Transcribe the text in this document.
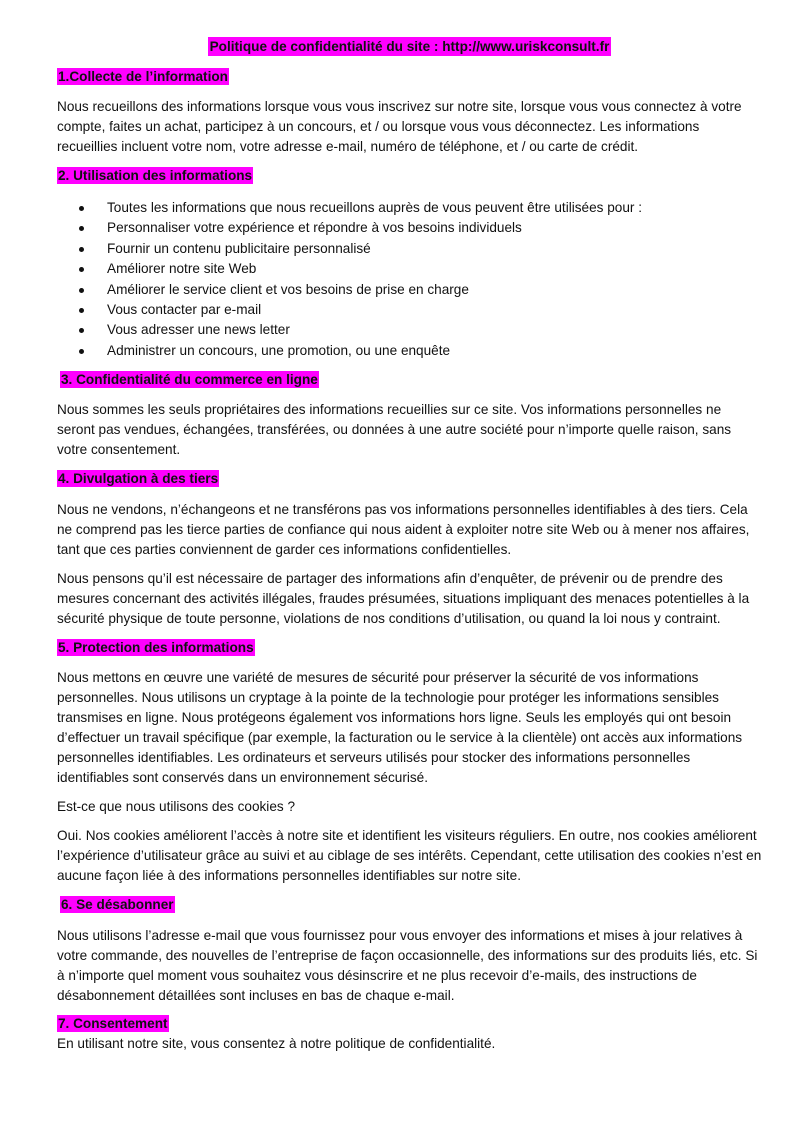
Politique de confidentialité du site : http://www.uriskconsult.fr
1.Collecte de l’information

Nous recueillons des informations lorsque vous vous inscrivez sur notre site, lorsque vous vous connectez à votre compte, faites un achat, participez à un concours, et / ou lorsque vous vous déconnectez. Les informations recueillies incluent votre nom, votre adresse e-mail, numéro de téléphone, et / ou carte de crédit.

2. Utilisation des informations
Toutes les informations que nous recueillons auprès de vous peuvent être utilisées pour :
Personnaliser votre expérience et répondre à vos besoins individuels
Fournir un contenu publicitaire personnalisé
Améliorer notre site Web
Améliorer le service client et vos besoins de prise en charge
Vous contacter par e-mail
Vous adresser une news letter
Administrer un concours, une promotion, ou une enquête
3. Confidentialité du commerce en ligne

Nous sommes les seuls propriétaires des informations recueillies sur ce site. Vos informations personnelles ne seront pas vendues, échangées, transférées, ou données à une autre société pour n’importe quelle raison, sans votre consentement.

4. Divulgation à des tiers

Nous ne vendons, n’échangeons et ne transférons pas vos informations personnelles identifiables à des tiers. Cela ne comprend pas les tierce parties de confiance qui nous aident à exploiter notre site Web ou à mener nos affaires, tant que ces parties conviennent de garder ces informations confidentielles.

Nous pensons qu’il est nécessaire de partager des informations afin d’enquêter, de prévenir ou de prendre des mesures concernant des activités illégales, fraudes présumées, situations impliquant des menaces potentielles à la sécurité physique de toute personne, violations de nos conditions d’utilisation, ou quand la loi nous y contraint.

5. Protection des informations

Nous mettons en œuvre une variété de mesures de sécurité pour préserver la sécurité de vos informations personnelles. Nous utilisons un cryptage à la pointe de la technologie pour protéger les informations sensibles transmises en ligne. Nous protégeons également vos informations hors ligne. Seuls les employés qui ont besoin d’effectuer un travail spécifique (par exemple, la facturation ou le service à la clientèle) ont accès aux informations personnelles identifiables. Les ordinateurs et serveurs utilisés pour stocker des informations personnelles identifiables sont conservés dans un environnement sécurisé.

Est-ce que nous utilisons des cookies ?

Oui. Nos cookies améliorent l’accès à notre site et identifient les visiteurs réguliers. En outre, nos cookies améliorent l’expérience d’utilisateur grâce au suivi et au ciblage de ses intérêts. Cependant, cette utilisation des cookies n’est en aucune façon liée à des informations personnelles identifiables sur notre site.

6. Se désabonner

Nous utilisons l’adresse e-mail que vous fournissez pour vous envoyer des informations et mises à jour relatives à votre commande, des nouvelles de l’entreprise de façon occasionnelle, des informations sur des produits liés, etc. Si à n’importe quel moment vous souhaitez vous désinscrire et ne plus recevoir d’e-mails, des instructions de désabonnement détaillées sont incluses en bas de chaque e-mail.

7. Consentement

En utilisant notre site, vous consentez à notre politique de confidentialité.
